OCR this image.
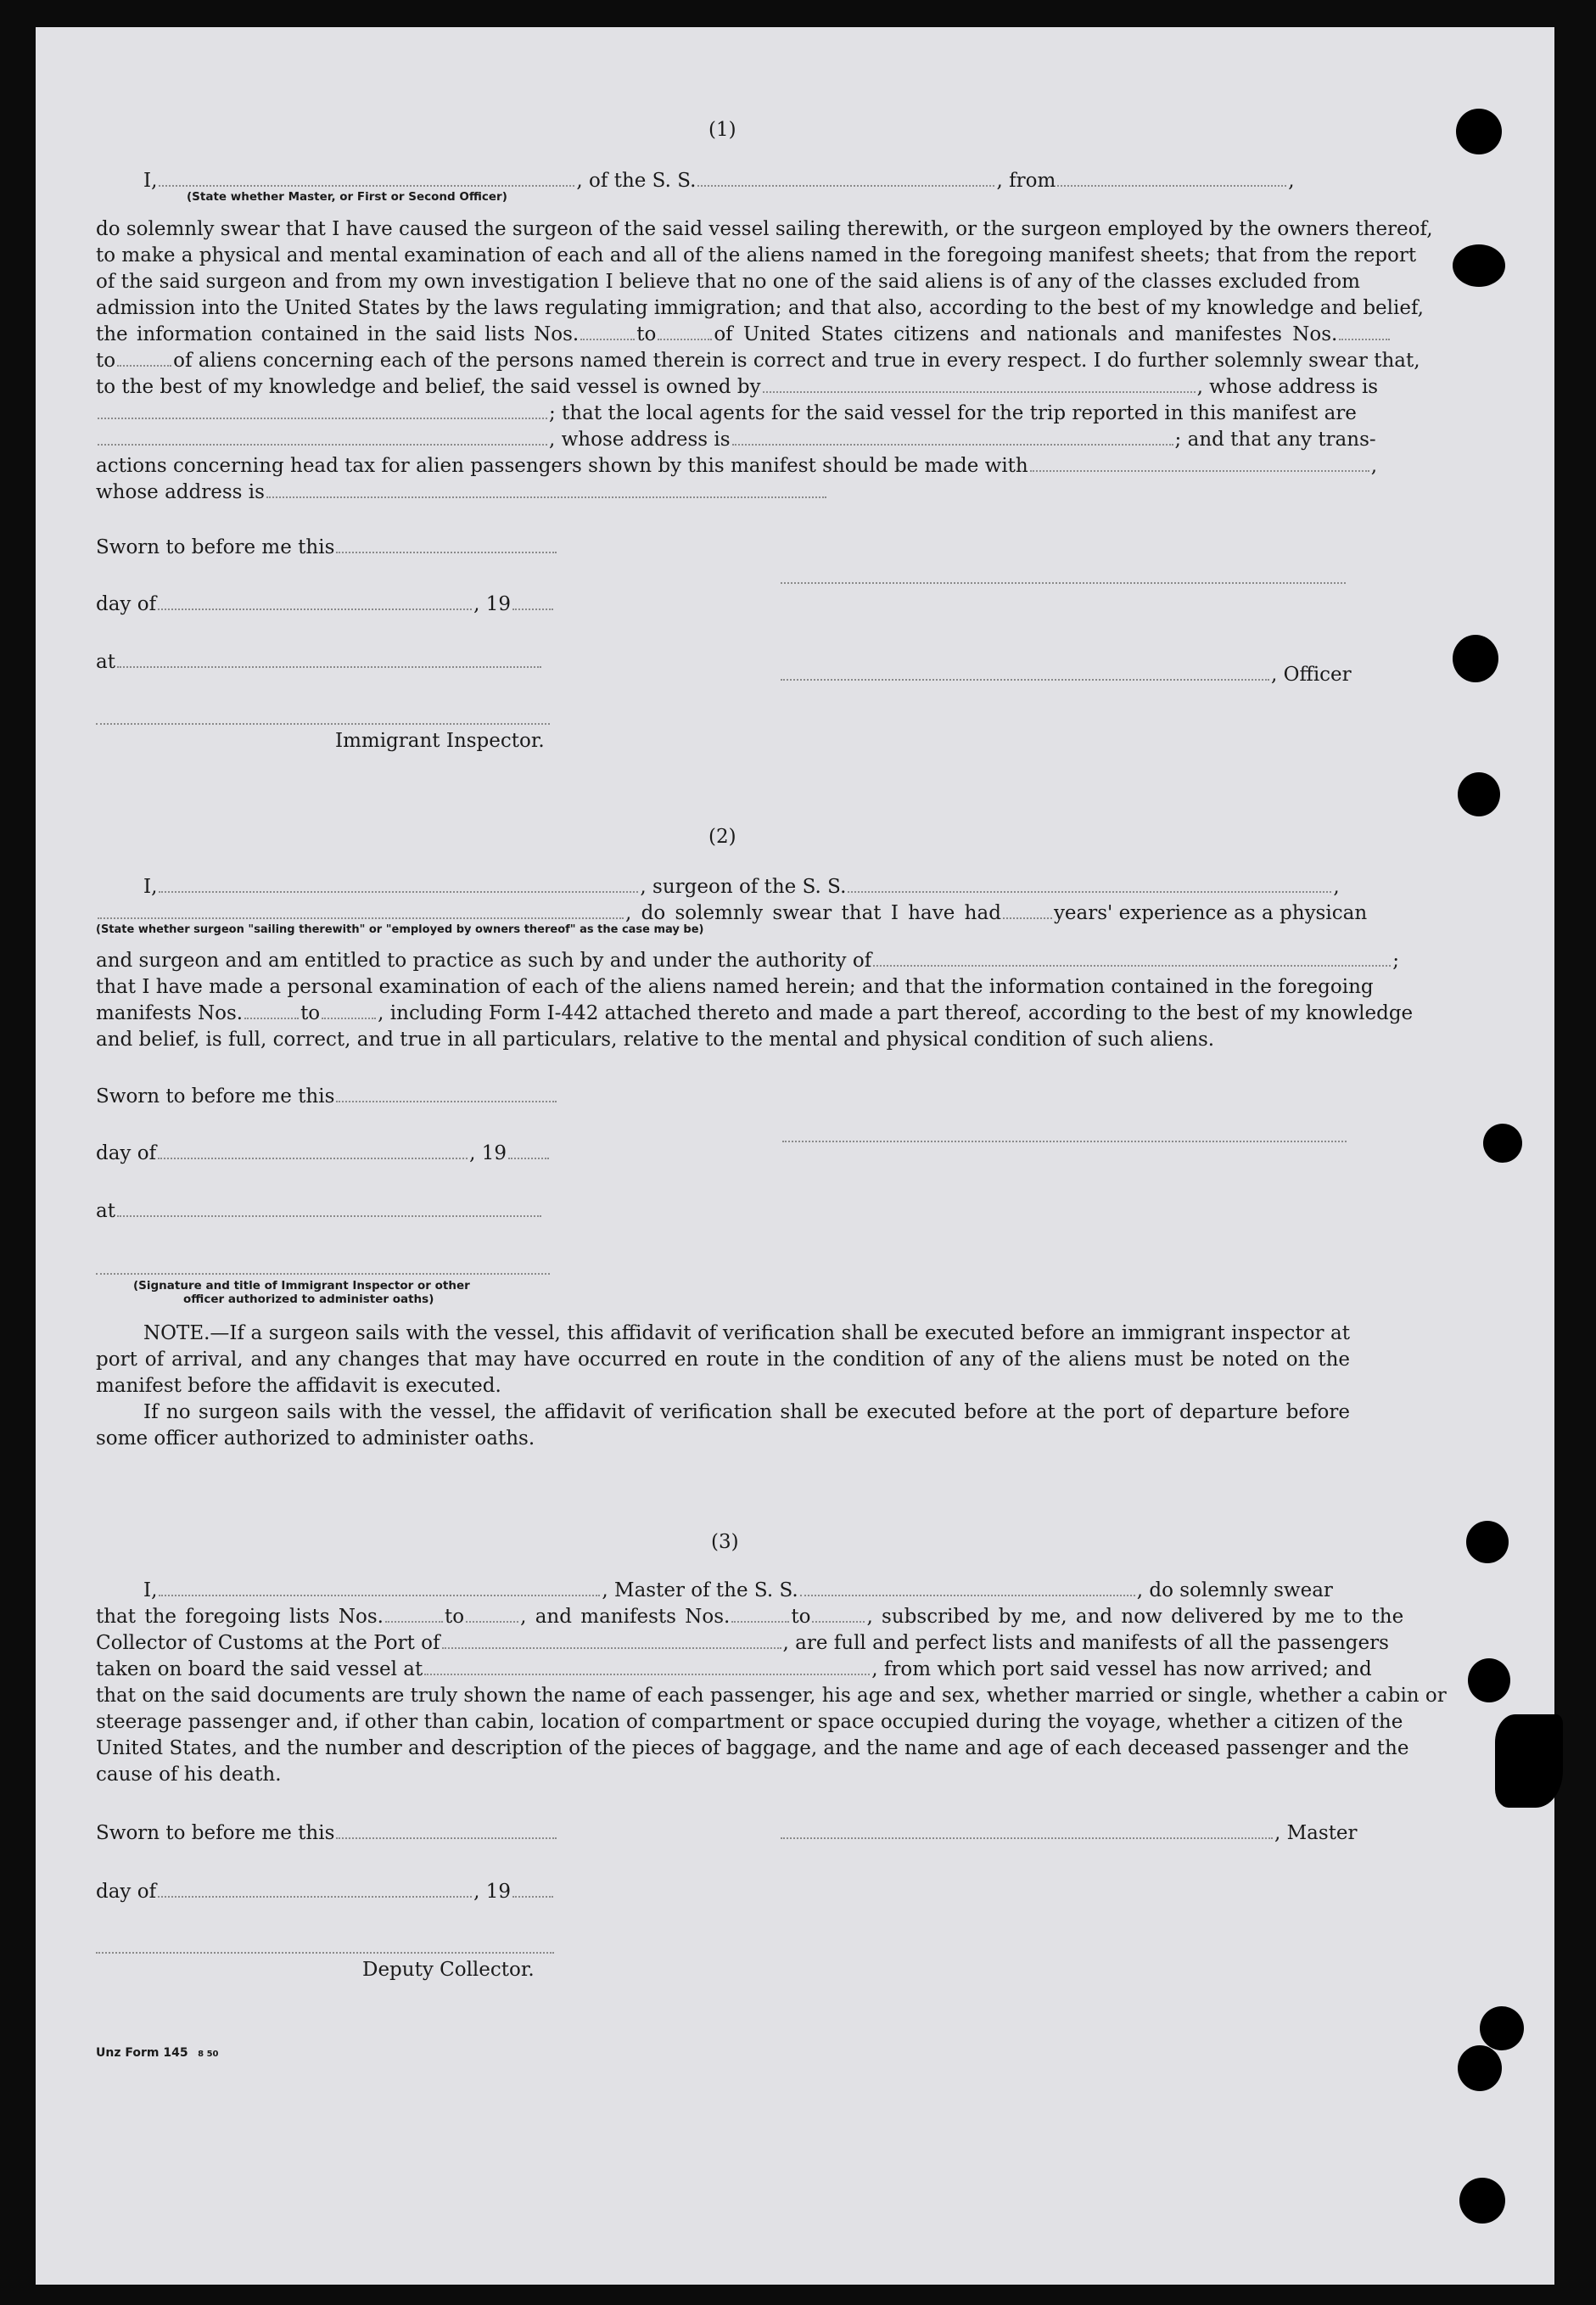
(1)
I,	, of the S. S.	, from	,
(State whether Master, or First or Second Officer)
do solemnly swear that I have caused the surgeon of the said vessel sailing therewith, or the surgeon employed by the owners thereof,
to make a physical and mental examination of each and all of the aliens named in the foregoing manifest sheets; that from the report
of the said surgeon and from my own investigation I believe that no one of the said aliens is of any of the classes excluded from
admission into the United States by the laws regulating immigration; and that also, according to the best of my knowledge and belief,
the information contained in the said lists Nos.	to	of United States citizens and nationals and manifestes Nos.
to	of aliens concerning each of the persons named therein is correct and true in every respect. I do further solemnly swear that,
to the best of my knowledge and belief, the said vessel is owned by	, whose address is
; that the local agents for the said vessel for the trip reported in this manifest are
, whose address is	; and that any trans-
actions concerning head tax for alien passengers shown by this manifest should be made with	,
whose address is
Sworn to before me this
day of	, 19
at
, Officer
Immigrant Inspector.
(2)
I,	, surgeon of the S. S.	,
, do solemnly swear that I have had	years' experience as a physican
(State whether surgeon "sailing therewith" or "employed by owners thereof" as the case may be)
and surgeon and am entitled to practice as such by and under the authority of	;
that I have made a personal examination of each of the aliens named herein; and that the information contained in the foregoing
manifests Nos.	to	, including Form I-442 attached thereto and made a part thereof, according to the best of my knowledge
and belief, is full, correct, and true in all particulars, relative to the mental and physical condition of such aliens.
Sworn to before me this
day of	, 19
at
(Signature and title of Immigrant Inspector or other
officer authorized to administer oaths)
NOTE.—If a surgeon sails with the vessel, this affidavit of verification shall be executed before an immigrant inspector at port of arrival, and any changes that may have occurred en route in the condition of any of the aliens must be noted on the manifest before the affidavit is executed.
If no surgeon sails with the vessel, the affidavit of verification shall be executed before at the port of departure before some officer authorized to administer oaths.
(3)
I,	, Master of the S. S.	, do solemnly swear
that the foregoing lists Nos.	to	, and manifests Nos.	to	, subscribed by me, and now delivered by me to the
Collector of Customs at the Port of	, are full and perfect lists and manifests of all the passengers
taken on board the said vessel at	, from which port said vessel has now arrived; and
that on the said documents are truly shown the name of each passenger, his age and sex, whether married or single, whether a cabin or
steerage passenger and, if other than cabin, location of compartment or space occupied during the voyage, whether a citizen of the
United States, and the number and description of the pieces of baggage, and the name and age of each deceased passenger and the
cause of his death.
Sworn to before me this	, Master
day of	, 19
Deputy Collector.
Unz Form 145 8 50
